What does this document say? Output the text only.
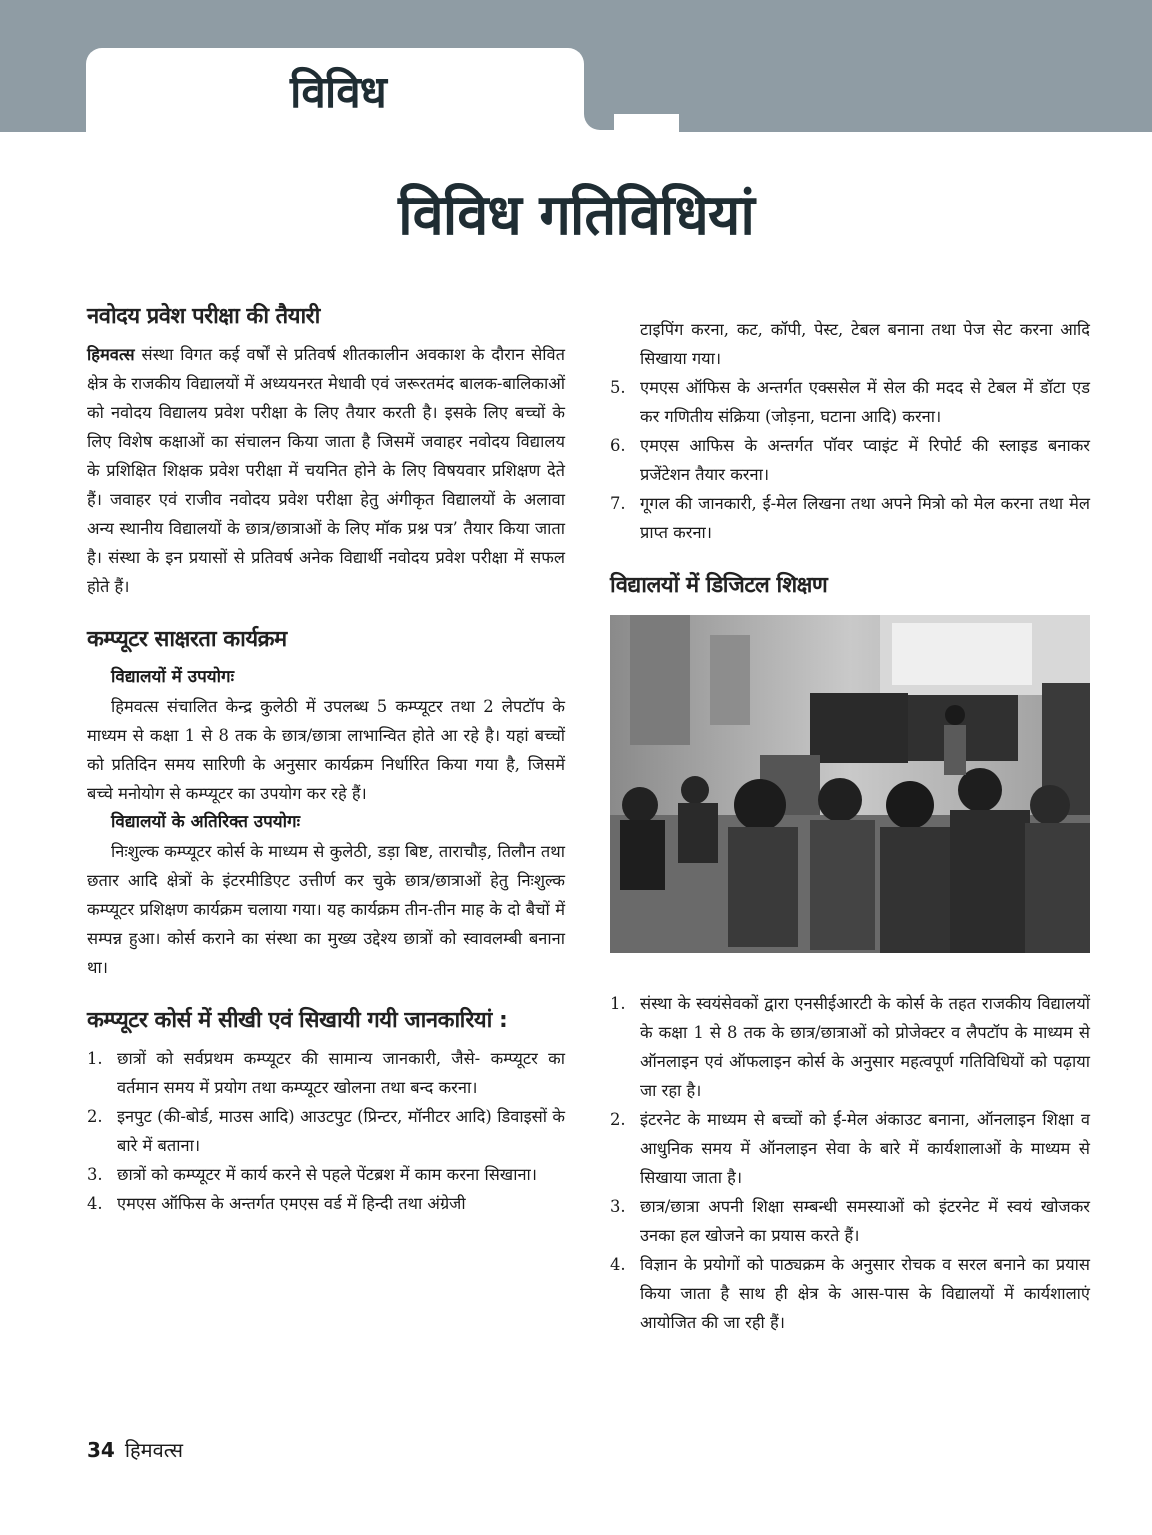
विविध
विविध गतिविधियां
नवोदय प्रवेश परीक्षा की तैयारी

हिमवत्स संस्था विगत कई वर्षों से प्रतिवर्ष शीतकालीन अवकाश के दौरान सेवित क्षेत्र के राजकीय विद्यालयों में अध्ययनरत मेधावी एवं जरूरतमंद बालक-बालिकाओं को नवोदय विद्यालय प्रवेश परीक्षा के लिए तैयार करती है। इसके लिए बच्चों के लिए विशेष कक्षाओं का संचालन किया जाता है जिसमें जवाहर नवोदय विद्यालय के प्रशिक्षित शिक्षक प्रवेश परीक्षा में चयनित होने के लिए विषयवार प्रशिक्षण देते हैं। जवाहर एवं राजीव नवोदय प्रवेश परीक्षा हेतु अंगीकृत विद्यालयों के अलावा अन्य स्थानीय विद्यालयों के छात्र/छात्राओं के लिए मॉक प्रश्न पत्र’ तैयार किया जाता है। संस्था के इन प्रयासों से प्रतिवर्ष अनेक विद्यार्थी नवोदय प्रवेश परीक्षा में सफल होते हैं।

कम्प्यूटर साक्षरता कार्यक्रम
विद्यालयों में उपयोगः

हिमवत्स संचालित केन्द्र कुलेठी में उपलब्ध 5 कम्प्यूटर तथा 2 लेपटॉप के माध्यम से कक्षा 1 से 8 तक के छात्र/छात्रा लाभान्वित होते आ रहे है। यहां बच्चों को प्रतिदिन समय सारिणी के अनुसार कार्यक्रम निर्धारित किया गया है, जिसमें बच्चे मनोयोग से कम्प्यूटर का उपयोग कर रहे हैं।

विद्यालयों के अतिरिक्त उपयोगः

निःशुल्क कम्प्यूटर कोर्स के माध्यम से कुलेठी, डड़ा बिष्ट, ताराचौड़, तिलौन तथा छतार आदि क्षेत्रों के इंटरमीडिएट उत्तीर्ण कर चुके छात्र/छात्राओं हेतु निःशुल्क कम्प्यूटर प्रशिक्षण कार्यक्रम चलाया गया। यह कार्यक्रम तीन-तीन माह के दो बैचों में सम्पन्न हुआ। कोर्स कराने का संस्था का मुख्य उद्देश्य छात्रों को स्वावलम्बी बनाना था।

कम्प्यूटर कोर्स में सीखी एवं सिखायी गयी जानकारियां :
1. छात्रों को सर्वप्रथम कम्प्यूटर की सामान्य जानकारी, जैसे- कम्प्यूटर का वर्तमान समय में प्रयोग तथा कम्प्यूटर खोलना तथा बन्द करना।
2. इनपुट (की-बोर्ड, माउस आदि) आउटपुट (प्रिन्टर, मॉनीटर आदि) डिवाइसों के बारे में बताना।
3. छात्रों को कम्प्यूटर में कार्य करने से पहले पेंटब्रश में काम करना सिखाना।
4. एमएस ऑफिस के अन्तर्गत एमएस वर्ड में हिन्दी तथा अंग्रेजी

टाइपिंग करना, कट, कॉपी, पेस्ट, टेबल बनाना तथा पेज सेट करना आदि सिखाया गया।

5. एमएस ऑफिस के अन्तर्गत एक्ससेल में सेल की मदद से टेबल में डॉटा एड कर गणितीय संक्रिया (जोड़ना, घटाना आदि) करना।
6. एमएस आफिस के अन्तर्गत पॉवर प्वाइंट में रिपोर्ट की स्लाइड बनाकर प्रजेंटेशन तैयार करना।
7. गूगल की जानकारी, ई-मेल लिखना तथा अपने मित्रो को मेल करना तथा मेल प्राप्त करना।
विद्यालयों में डिजिटल शिक्षण
1. संस्था के स्वयंसेवकों द्वारा एनसीईआरटी के कोर्स के तहत राजकीय विद्यालयों के कक्षा 1 से 8 तक के छात्र/छात्राओं को प्रोजेक्टर व लैपटॉप के माध्यम से ऑनलाइन एवं ऑफलाइन कोर्स के अनुसार महत्वपूर्ण गतिविधियों को पढ़ाया जा रहा है।
2. इंटरनेट के माध्यम से बच्चों को ई-मेल अंकाउट बनाना, ऑनलाइन शिक्षा व आधुनिक समय में ऑनलाइन सेवा के बारे में कार्यशालाओं के माध्यम से सिखाया जाता है।
3. छात्र/छात्रा अपनी शिक्षा सम्बन्धी समस्याओं को इंटरनेट में स्वयं खोजकर उनका हल खोजने का प्रयास करते हैं।
4. विज्ञान के प्रयोगों को पाठ्यक्रम के अनुसार रोचक व सरल बनाने का प्रयास किया जाता है साथ ही क्षेत्र के आस-पास के विद्यालयों में कार्यशालाएं आयोजित की जा रही हैं।

34 हिमवत्स
